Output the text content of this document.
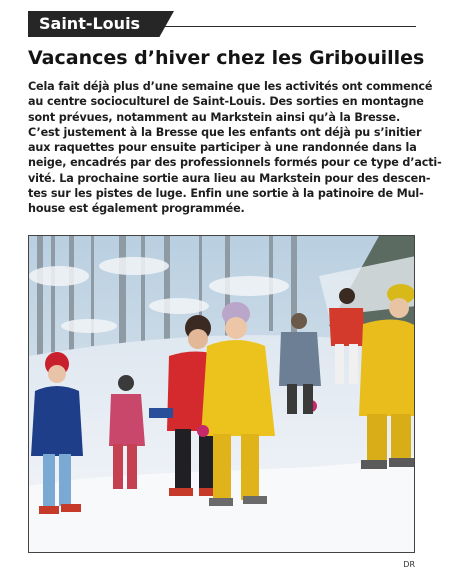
Saint-Louis
Vacances d’hiver chez les Gribouilles
Cela fait déjà plus d’une semaine que les activités ont commencé
au centre socioculturel de Saint-Louis. Des sorties en montagne
sont prévues, notamment au Markstein ainsi qu’à la Bresse.
C’est justement à la Bresse que les enfants ont déjà pu s’initier
aux raquettes pour ensuite participer à une randonnée dans la
neige, encadrés par des professionnels formés pour ce type d’acti-
vité. La prochaine sortie aura lieu au Markstein pour des descen-
tes sur les pistes de luge. Enfin une sortie à la patinoire de Mul-
house est également programmée.
DR
